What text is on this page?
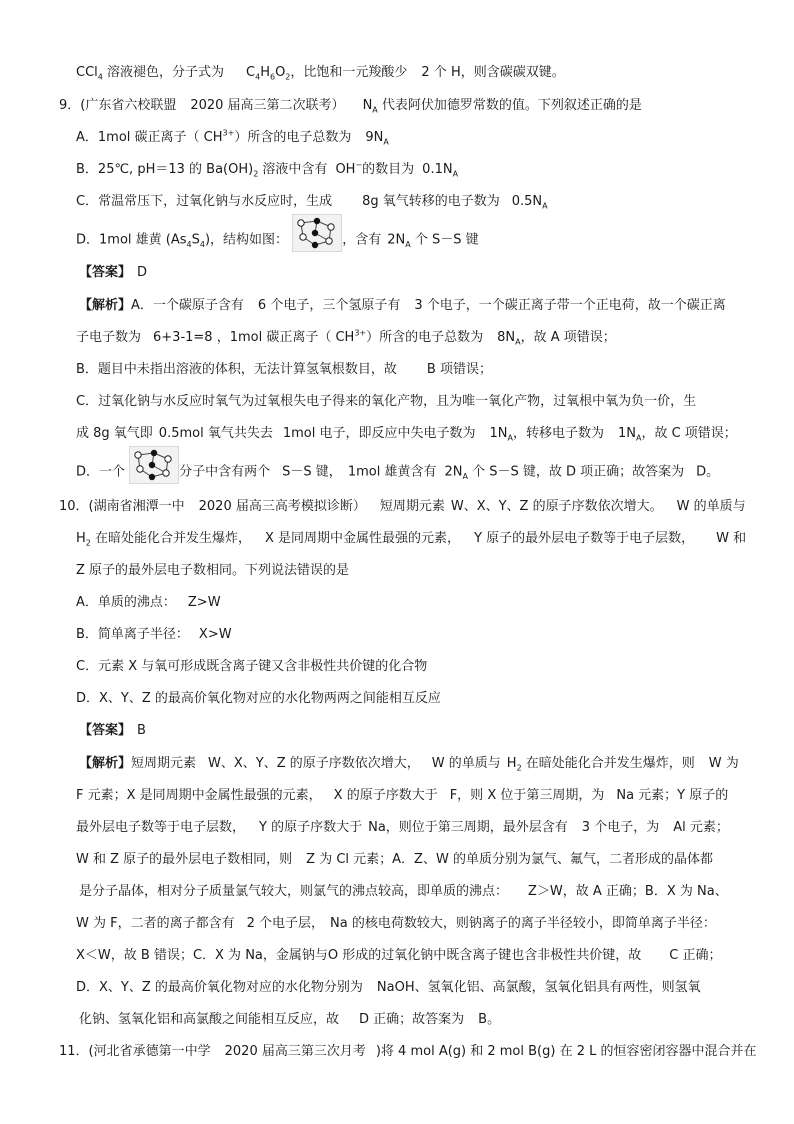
CCl$_4$ 溶液褪色，分子式为 $C_4H_6O_2$，比饱和一元羧酸少 2 个 H，则含碳碳双键。
9．(广东省六校联盟 2020 届高三第二次联考） $N_A$ 代表阿伏加德罗常数的值。下列叙述正确的是
A．1mol 碳正离子（ $CH^{3+}$）所含的电子总数为 $9N_A$
B．25℃, pH＝13 的 $Ba(OH)_2$ 溶液中含有 OH−的数目为 $0.1N_A$
C．常温常压下，过氧化钠与水反应时，生成 8g 氧气转移的电子数为 $0.5N_A$
D．1mol 雄黄 $(As_4S_4)$，结构如图：	，含有 $2N_A$ 个 S－S 键
【答案】 D
【解析】A．一个碳原子含有 6 个电子，三个氢原子有 3 个电子，一个碳正离子带一个正电荷，故一个碳正离
子电子数为 6+3-1=8 ，1mol 碳正离子（ $CH^{3+}$）所含的电子总数为 $8N_A$，故 A 项错误；
B．题目中未指出溶液的体积，无法计算氢氧根数目，故 B 项错误；
C．过氧化钠与水反应时氧气为过氧根失电子得来的氧化产物，且为唯一氧化产物，过氧根中氧为负一价，生
成 8g 氧气即 0.5mol 氧气共失去 1mol 电子，即反应中失电子数为 $1N_A$，转移电子数为 $1N_A$，故 C 项错误；
D．一个	分子中含有两个 S－S 键， 1mol 雄黄含有 $2N_A$ 个 S－S 键，故 D 项正确；故答案为 D。
10．(湖南省湘潭一中 2020 届高三高考模拟诊断） 短周期元素 W、X、Y、Z 的原子序数依次增大。 W 的单质与
$H_2$ 在暗处能化合并发生爆炸， X 是同周期中金属性最强的元素， Y 原子的最外层电子数等于电子层数， W 和
Z 原子的最外层电子数相同。下列说法错误的是
A．单质的沸点： Z>W
B．简单离子半径： X>W
C．元素 X 与氧可形成既含离子键又含非极性共价键的化合物
D．X、Y、Z 的最高价氧化物对应的水化物两两之间能相互反应
【答案】 B
【解析】短周期元素 W、X、Y、Z 的原子序数依次增大， W 的单质与 $H_2$ 在暗处能化合并发生爆炸，则 W 为
F 元素；X 是同周期中金属性最强的元素， X 的原子序数大于 F，则 X 位于第三周期，为 Na 元素；Y 原子的
最外层电子数等于电子层数， Y 的原子序数大于 Na，则位于第三周期，最外层含有 3 个电子，为 Al 元素；
W 和 Z 原子的最外层电子数相同，则 Z 为 Cl 元素；A．Z、W 的单质分别为氯气、氟气，二者形成的晶体都
是分子晶体，相对分子质量氯气较大，则氯气的沸点较高，即单质的沸点： Z＞W，故 A 正确；B．X 为 Na、
W 为 F，二者的离子都含有 2 个电子层， Na 的核电荷数较大，则钠离子的离子半径较小，即简单离子半径：
X＜W，故 B 错误；C．X 为 Na，金属钠与O 形成的过氧化钠中既含离子键也含非极性共价键，故 C 正确；
D．X、Y、Z 的最高价氧化物对应的水化物分别为 NaOH、氢氧化铝、高氯酸，氢氧化铝具有两性，则氢氧
化钠、氢氧化铝和高氯酸之间能相互反应，故 D 正确；故答案为 B。
11．(河北省承德第一中学 2020 届高三第三次月考 )将 4 mol A(g) 和 2 mol B(g) 在 2 L 的恒容密闭容器中混合并在
